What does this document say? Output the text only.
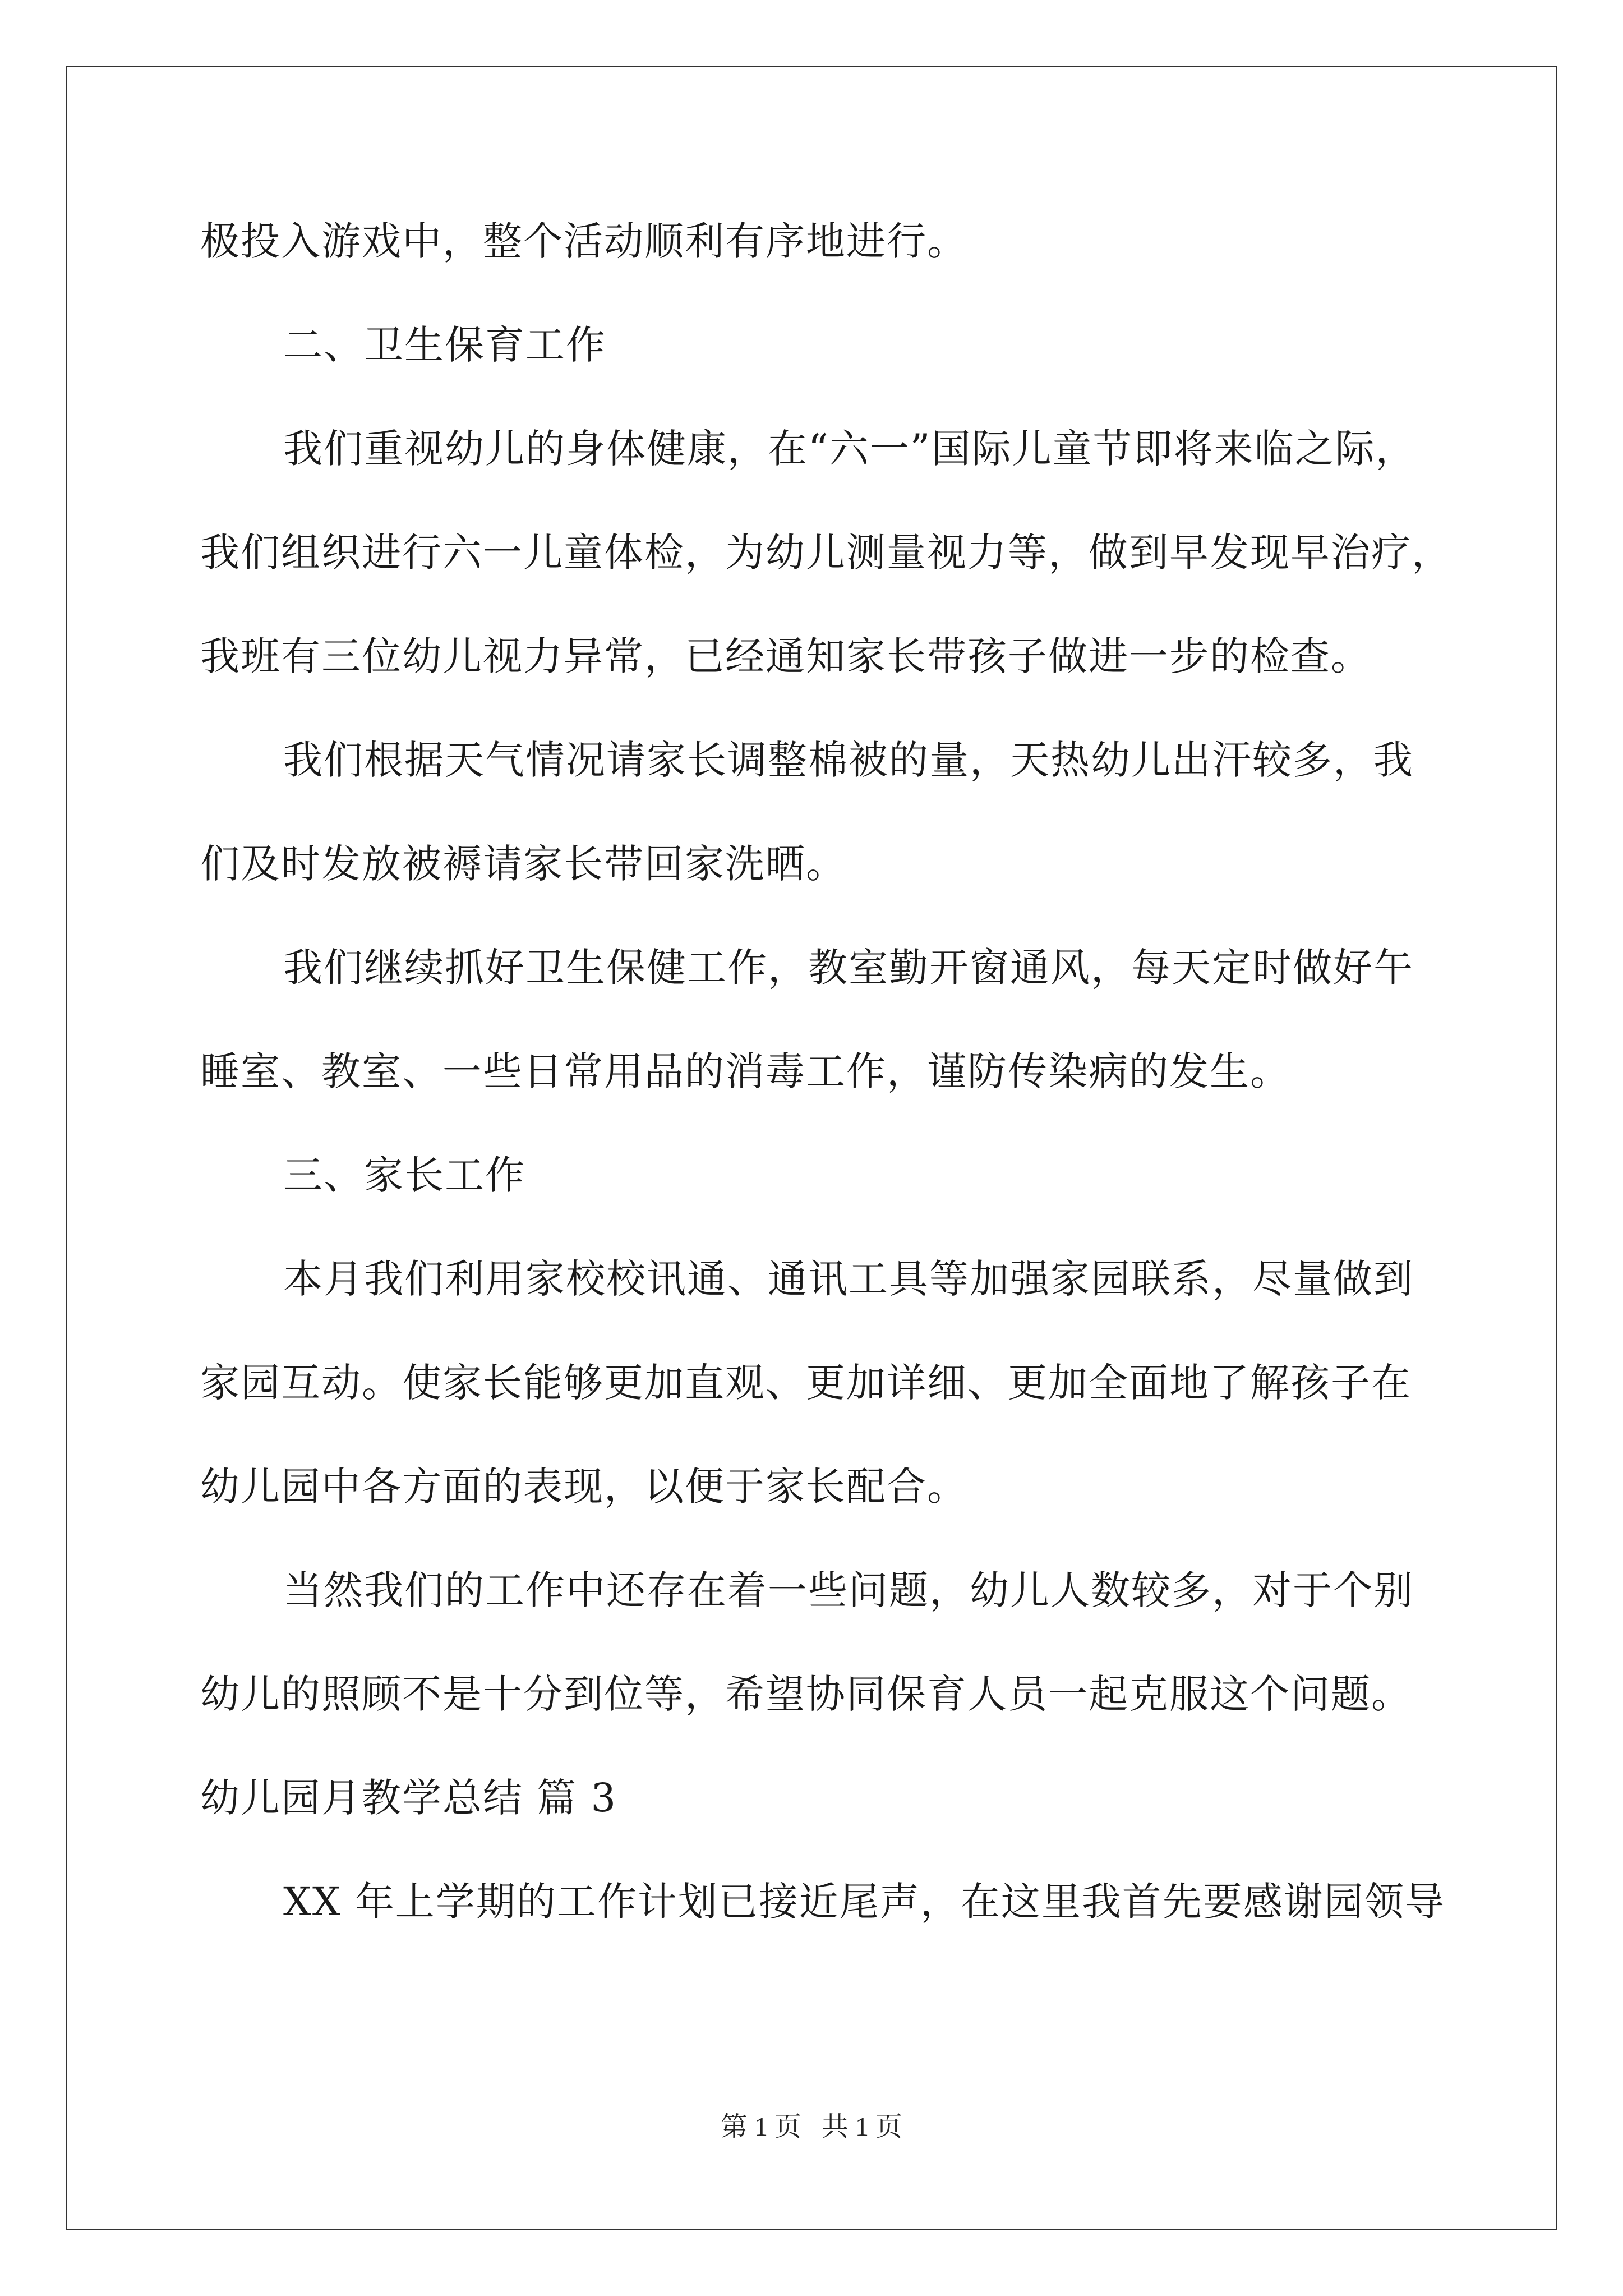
极投入游戏中，整个活动顺利有序地进行。
二、卫生保育工作
我们重视幼儿的身体健康，在“六一”国际儿童节即将来临之际，
我们组织进行六一儿童体检，为幼儿测量视力等，做到早发现早治疗，
我班有三位幼儿视力异常，已经通知家长带孩子做进一步的检查。
我们根据天气情况请家长调整棉被的量，天热幼儿出汗较多，我
们及时发放被褥请家长带回家洗晒。
我们继续抓好卫生保健工作，教室勤开窗通风，每天定时做好午
睡室、教室、一些日常用品的消毒工作，谨防传染病的发生。
三、家长工作
本月我们利用家校校讯通、通讯工具等加强家园联系，尽量做到
家园互动。使家长能够更加直观、更加详细、更加全面地了解孩子在
幼儿园中各方面的表现，以便于家长配合。
当然我们的工作中还存在着一些问题，幼儿人数较多，对于个别
幼儿的照顾不是十分到位等，希望协同保育人员一起克服这个问题。
幼儿园月教学总结 篇 3
XX 年上学期的工作计划已接近尾声，在这里我首先要感谢园领导
第 1 页   共 1 页
